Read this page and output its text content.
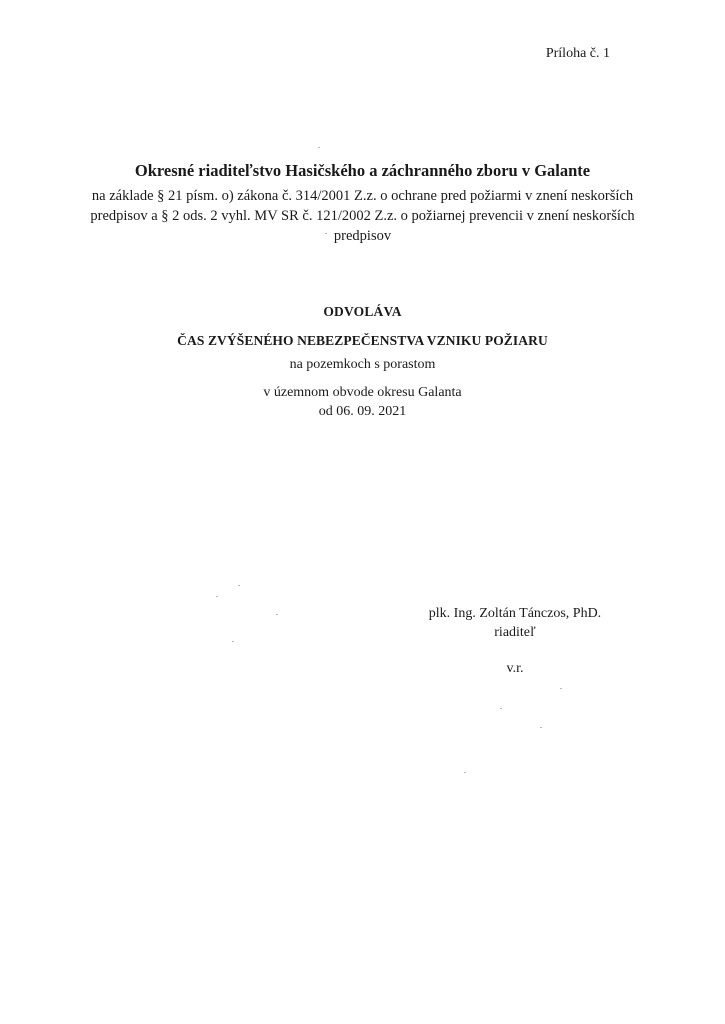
Príloha č. 1
Okresné riaditeľstvo Hasičského a záchranného zboru v Galante
na základe § 21 písm. o) zákona č. 314/2001 Z.z. o ochrane pred požiarmi v znení neskorších predpisov a § 2 ods. 2 vyhl. MV SR č. 121/2002 Z.z. o požiarnej prevencii v znení neskorších predpisov
ODVOLÁVA
ČAS ZVÝŠENÉHO NEBEZPEČENSTVA VZNIKU POŽIARU
na pozemkoch s porastom
v územnom obvode okresu Galanta
od 06. 09. 2021
plk. Ing. Zoltán Tánczos, PhD.
riaditeľ
v.r.
